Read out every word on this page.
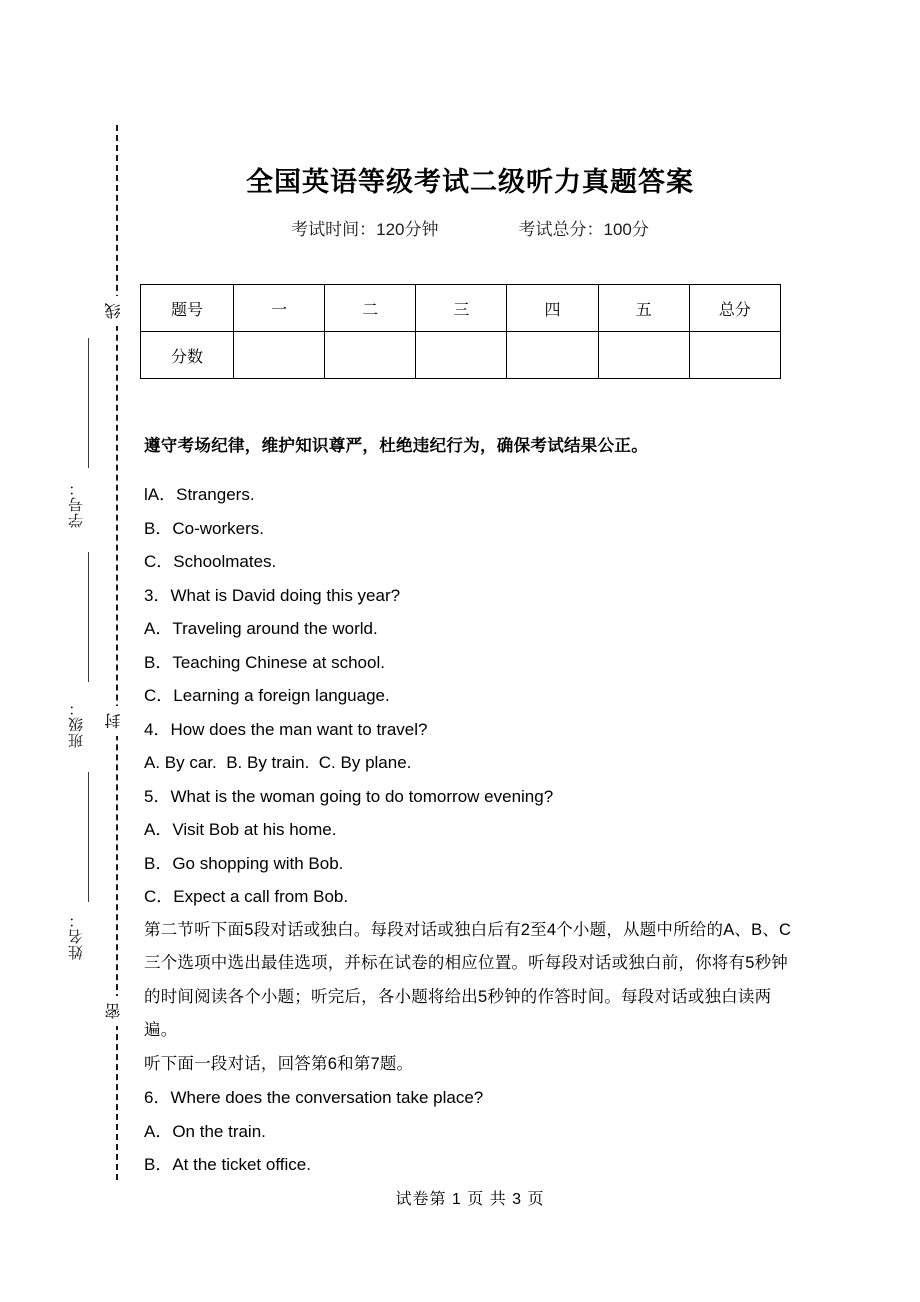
线
封
密
学号：
班级：
姓名：
全国英语等级考试二级听力真题答案
考试时间：120分钟	考试总分：100分
题号	一	二	三	四	五	总分
分数						
遵守考场纪律，维护知识尊严，杜绝违纪行为，确保考试结果公正。
lA．Strangers.
B．Co-workers.
C．Schoolmates.
3．What is David doing this year?
A．Traveling around the world.
B．Teaching Chinese at school.
C．Learning a foreign language.
4．How does the man want to travel?
A. By car.  B. By train.  C. By plane.
5．What is the woman going to do tomorrow evening?
A．Visit Bob at his home.
B．Go shopping with Bob.
C．Expect a call from Bob.
第二节听下面5段对话或独白。每段对话或独白后有2至4个小题，从题中所给的A、B、C三个选项中选出最佳选项，并标在试卷的相应位置。听每段对话或独白前，你将有5秒钟的时间阅读各个小题；听完后，各小题将给出5秒钟的作答时间。每段对话或独白读两遍。
听下面一段对话，回答第6和第7题。
6．Where does the conversation take place?
A．On the train.
B．At the ticket office.
试卷第 1 页 共 3 页
